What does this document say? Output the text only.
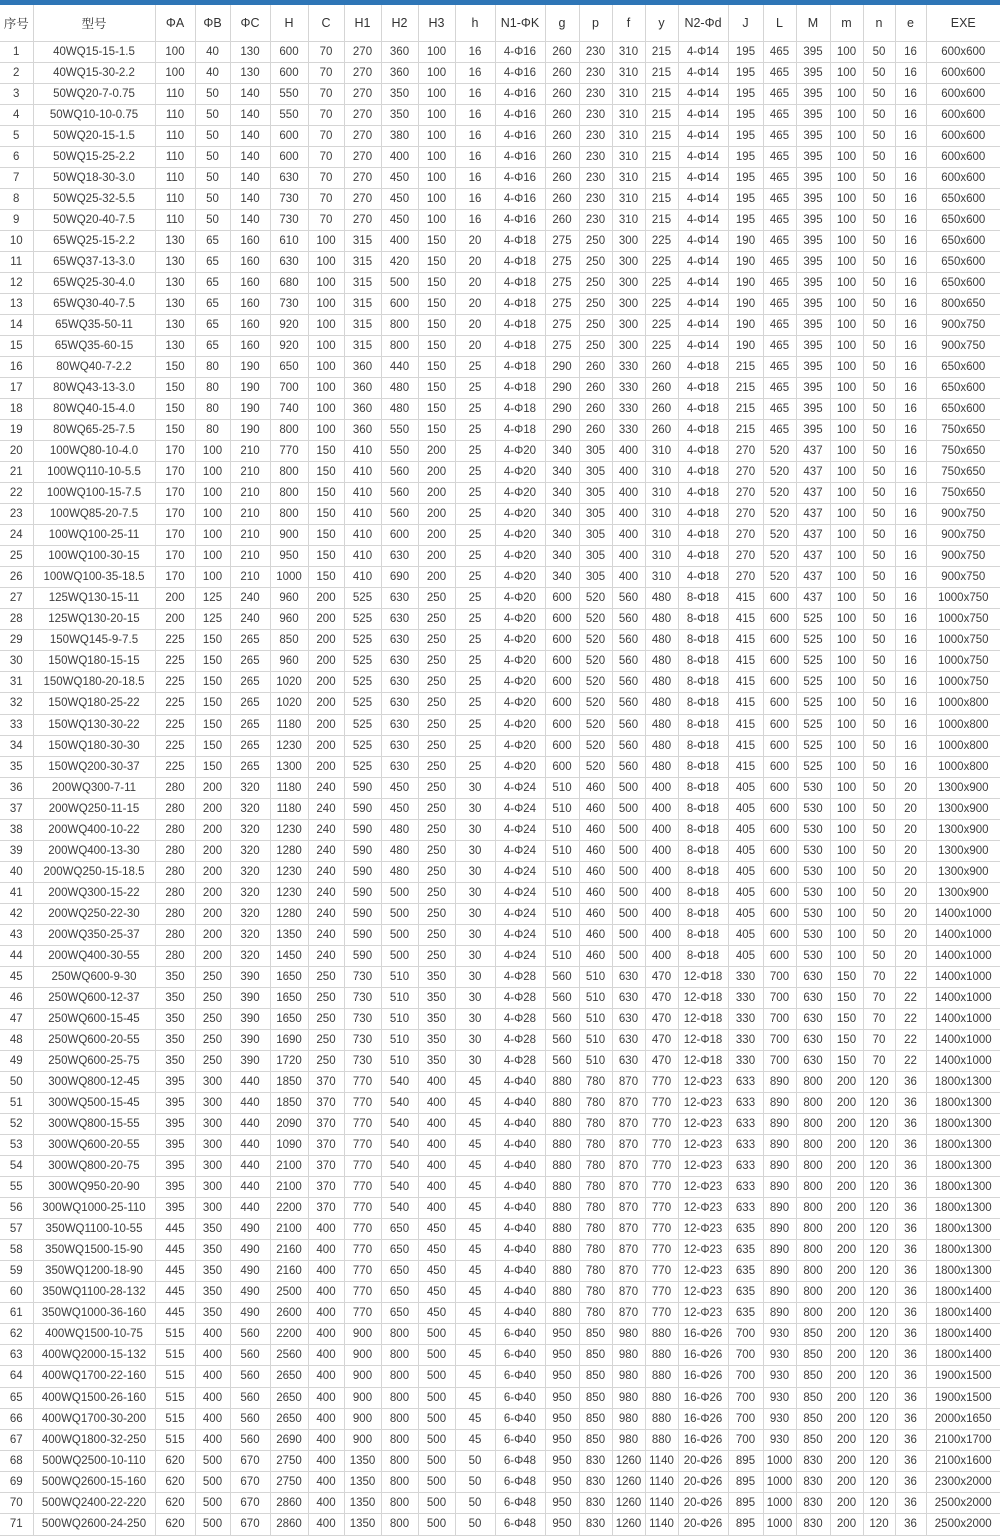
序号	型号	ΦA	ΦB	ΦC	H	C	H1	H2	H3	h	N1-ΦK	g	p	f	y	N2-Φd	J	L	M	m	n	e	EXE
1	40WQ15-15-1.5	100	40	130	600	70	270	360	100	16	4-Φ16	260	230	310	215	4-Φ14	195	465	395	100	50	16	600x600
2	40WQ15-30-2.2	100	40	130	600	70	270	360	100	16	4-Φ16	260	230	310	215	4-Φ14	195	465	395	100	50	16	600x600
3	50WQ20-7-0.75	110	50	140	550	70	270	350	100	16	4-Φ16	260	230	310	215	4-Φ14	195	465	395	100	50	16	600x600
4	50WQ10-10-0.75	110	50	140	550	70	270	350	100	16	4-Φ16	260	230	310	215	4-Φ14	195	465	395	100	50	16	600x600
5	50WQ20-15-1.5	110	50	140	600	70	270	380	100	16	4-Φ16	260	230	310	215	4-Φ14	195	465	395	100	50	16	600x600
6	50WQ15-25-2.2	110	50	140	600	70	270	400	100	16	4-Φ16	260	230	310	215	4-Φ14	195	465	395	100	50	16	600x600
7	50WQ18-30-3.0	110	50	140	630	70	270	450	100	16	4-Φ16	260	230	310	215	4-Φ14	195	465	395	100	50	16	600x600
8	50WQ25-32-5.5	110	50	140	730	70	270	450	100	16	4-Φ16	260	230	310	215	4-Φ14	195	465	395	100	50	16	650x600
9	50WQ20-40-7.5	110	50	140	730	70	270	450	100	16	4-Φ16	260	230	310	215	4-Φ14	195	465	395	100	50	16	650x600
10	65WQ25-15-2.2	130	65	160	610	100	315	400	150	20	4-Φ18	275	250	300	225	4-Φ14	190	465	395	100	50	16	650x600
11	65WQ37-13-3.0	130	65	160	630	100	315	420	150	20	4-Φ18	275	250	300	225	4-Φ14	190	465	395	100	50	16	650x600
12	65WQ25-30-4.0	130	65	160	680	100	315	500	150	20	4-Φ18	275	250	300	225	4-Φ14	190	465	395	100	50	16	650x600
13	65WQ30-40-7.5	130	65	160	730	100	315	600	150	20	4-Φ18	275	250	300	225	4-Φ14	190	465	395	100	50	16	800x650
14	65WQ35-50-11	130	65	160	920	100	315	800	150	20	4-Φ18	275	250	300	225	4-Φ14	190	465	395	100	50	16	900x750
15	65WQ35-60-15	130	65	160	920	100	315	800	150	20	4-Φ18	275	250	300	225	4-Φ14	190	465	395	100	50	16	900x750
16	80WQ40-7-2.2	150	80	190	650	100	360	440	150	25	4-Φ18	290	260	330	260	4-Φ18	215	465	395	100	50	16	650x600
17	80WQ43-13-3.0	150	80	190	700	100	360	480	150	25	4-Φ18	290	260	330	260	4-Φ18	215	465	395	100	50	16	650x600
18	80WQ40-15-4.0	150	80	190	740	100	360	480	150	25	4-Φ18	290	260	330	260	4-Φ18	215	465	395	100	50	16	650x600
19	80WQ65-25-7.5	150	80	190	800	100	360	550	150	25	4-Φ18	290	260	330	260	4-Φ18	215	465	395	100	50	16	750x650
20	100WQ80-10-4.0	170	100	210	770	150	410	550	200	25	4-Φ20	340	305	400	310	4-Φ18	270	520	437	100	50	16	750x650
21	100WQ110-10-5.5	170	100	210	800	150	410	560	200	25	4-Φ20	340	305	400	310	4-Φ18	270	520	437	100	50	16	750x650
22	100WQ100-15-7.5	170	100	210	800	150	410	560	200	25	4-Φ20	340	305	400	310	4-Φ18	270	520	437	100	50	16	750x650
23	100WQ85-20-7.5	170	100	210	800	150	410	560	200	25	4-Φ20	340	305	400	310	4-Φ18	270	520	437	100	50	16	900x750
24	100WQ100-25-11	170	100	210	900	150	410	600	200	25	4-Φ20	340	305	400	310	4-Φ18	270	520	437	100	50	16	900x750
25	100WQ100-30-15	170	100	210	950	150	410	630	200	25	4-Φ20	340	305	400	310	4-Φ18	270	520	437	100	50	16	900x750
26	100WQ100-35-18.5	170	100	210	1000	150	410	690	200	25	4-Φ20	340	305	400	310	4-Φ18	270	520	437	100	50	16	900x750
27	125WQ130-15-11	200	125	240	960	200	525	630	250	25	4-Φ20	600	520	560	480	8-Φ18	415	600	437	100	50	16	1000x750
28	125WQ130-20-15	200	125	240	960	200	525	630	250	25	4-Φ20	600	520	560	480	8-Φ18	415	600	525	100	50	16	1000x750
29	150WQ145-9-7.5	225	150	265	850	200	525	630	250	25	4-Φ20	600	520	560	480	8-Φ18	415	600	525	100	50	16	1000x750
30	150WQ180-15-15	225	150	265	960	200	525	630	250	25	4-Φ20	600	520	560	480	8-Φ18	415	600	525	100	50	16	1000x750
31	150WQ180-20-18.5	225	150	265	1020	200	525	630	250	25	4-Φ20	600	520	560	480	8-Φ18	415	600	525	100	50	16	1000x750
32	150WQ180-25-22	225	150	265	1020	200	525	630	250	25	4-Φ20	600	520	560	480	8-Φ18	415	600	525	100	50	16	1000x800
33	150WQ130-30-22	225	150	265	1180	200	525	630	250	25	4-Φ20	600	520	560	480	8-Φ18	415	600	525	100	50	16	1000x800
34	150WQ180-30-30	225	150	265	1230	200	525	630	250	25	4-Φ20	600	520	560	480	8-Φ18	415	600	525	100	50	16	1000x800
35	150WQ200-30-37	225	150	265	1300	200	525	630	250	25	4-Φ20	600	520	560	480	8-Φ18	415	600	525	100	50	16	1000x800
36	200WQ300-7-11	280	200	320	1180	240	590	450	250	30	4-Φ24	510	460	500	400	8-Φ18	405	600	530	100	50	20	1300x900
37	200WQ250-11-15	280	200	320	1180	240	590	450	250	30	4-Φ24	510	460	500	400	8-Φ18	405	600	530	100	50	20	1300x900
38	200WQ400-10-22	280	200	320	1230	240	590	480	250	30	4-Φ24	510	460	500	400	8-Φ18	405	600	530	100	50	20	1300x900
39	200WQ400-13-30	280	200	320	1280	240	590	480	250	30	4-Φ24	510	460	500	400	8-Φ18	405	600	530	100	50	20	1300x900
40	200WQ250-15-18.5	280	200	320	1230	240	590	480	250	30	4-Φ24	510	460	500	400	8-Φ18	405	600	530	100	50	20	1300x900
41	200WQ300-15-22	280	200	320	1230	240	590	500	250	30	4-Φ24	510	460	500	400	8-Φ18	405	600	530	100	50	20	1300x900
42	200WQ250-22-30	280	200	320	1280	240	590	500	250	30	4-Φ24	510	460	500	400	8-Φ18	405	600	530	100	50	20	1400x1000
43	200WQ350-25-37	280	200	320	1350	240	590	500	250	30	4-Φ24	510	460	500	400	8-Φ18	405	600	530	100	50	20	1400x1000
44	200WQ400-30-55	280	200	320	1450	240	590	500	250	30	4-Φ24	510	460	500	400	8-Φ18	405	600	530	100	50	20	1400x1000
45	250WQ600-9-30	350	250	390	1650	250	730	510	350	30	4-Φ28	560	510	630	470	12-Φ18	330	700	630	150	70	22	1400x1000
46	250WQ600-12-37	350	250	390	1650	250	730	510	350	30	4-Φ28	560	510	630	470	12-Φ18	330	700	630	150	70	22	1400x1000
47	250WQ600-15-45	350	250	390	1650	250	730	510	350	30	4-Φ28	560	510	630	470	12-Φ18	330	700	630	150	70	22	1400x1000
48	250WQ600-20-55	350	250	390	1690	250	730	510	350	30	4-Φ28	560	510	630	470	12-Φ18	330	700	630	150	70	22	1400x1000
49	250WQ600-25-75	350	250	390	1720	250	730	510	350	30	4-Φ28	560	510	630	470	12-Φ18	330	700	630	150	70	22	1400x1000
50	300WQ800-12-45	395	300	440	1850	370	770	540	400	45	4-Φ40	880	780	870	770	12-Φ23	633	890	800	200	120	36	1800x1300
51	300WQ500-15-45	395	300	440	1850	370	770	540	400	45	4-Φ40	880	780	870	770	12-Φ23	633	890	800	200	120	36	1800x1300
52	300WQ800-15-55	395	300	440	2090	370	770	540	400	45	4-Φ40	880	780	870	770	12-Φ23	633	890	800	200	120	36	1800x1300
53	300WQ600-20-55	395	300	440	1090	370	770	540	400	45	4-Φ40	880	780	870	770	12-Φ23	633	890	800	200	120	36	1800x1300
54	300WQ800-20-75	395	300	440	2100	370	770	540	400	45	4-Φ40	880	780	870	770	12-Φ23	633	890	800	200	120	36	1800x1300
55	300WQ950-20-90	395	300	440	2100	370	770	540	400	45	4-Φ40	880	780	870	770	12-Φ23	633	890	800	200	120	36	1800x1300
56	300WQ1000-25-110	395	300	440	2200	370	770	540	400	45	4-Φ40	880	780	870	770	12-Φ23	633	890	800	200	120	36	1800x1300
57	350WQ1100-10-55	445	350	490	2100	400	770	650	450	45	4-Φ40	880	780	870	770	12-Φ23	635	890	800	200	120	36	1800x1300
58	350WQ1500-15-90	445	350	490	2160	400	770	650	450	45	4-Φ40	880	780	870	770	12-Φ23	635	890	800	200	120	36	1800x1300
59	350WQ1200-18-90	445	350	490	2160	400	770	650	450	45	4-Φ40	880	780	870	770	12-Φ23	635	890	800	200	120	36	1800x1300
60	350WQ1100-28-132	445	350	490	2500	400	770	650	450	45	4-Φ40	880	780	870	770	12-Φ23	635	890	800	200	120	36	1800x1400
61	350WQ1000-36-160	445	350	490	2600	400	770	650	450	45	4-Φ40	880	780	870	770	12-Φ23	635	890	800	200	120	36	1800x1400
62	400WQ1500-10-75	515	400	560	2200	400	900	800	500	45	6-Φ40	950	850	980	880	16-Φ26	700	930	850	200	120	36	1800x1400
63	400WQ2000-15-132	515	400	560	2560	400	900	800	500	45	6-Φ40	950	850	980	880	16-Φ26	700	930	850	200	120	36	1800x1400
64	400WQ1700-22-160	515	400	560	2650	400	900	800	500	45	6-Φ40	950	850	980	880	16-Φ26	700	930	850	200	120	36	1900x1500
65	400WQ1500-26-160	515	400	560	2650	400	900	800	500	45	6-Φ40	950	850	980	880	16-Φ26	700	930	850	200	120	36	1900x1500
66	400WQ1700-30-200	515	400	560	2650	400	900	800	500	45	6-Φ40	950	850	980	880	16-Φ26	700	930	850	200	120	36	2000x1650
67	400WQ1800-32-250	515	400	560	2690	400	900	800	500	45	6-Φ40	950	850	980	880	16-Φ26	700	930	850	200	120	36	2100x1700
68	500WQ2500-10-110	620	500	670	2750	400	1350	800	500	50	6-Φ48	950	830	1260	1140	20-Φ26	895	1000	830	200	120	36	2100x1600
69	500WQ2600-15-160	620	500	670	2750	400	1350	800	500	50	6-Φ48	950	830	1260	1140	20-Φ26	895	1000	830	200	120	36	2300x2000
70	500WQ2400-22-220	620	500	670	2860	400	1350	800	500	50	6-Φ48	950	830	1260	1140	20-Φ26	895	1000	830	200	120	36	2500x2000
71	500WQ2600-24-250	620	500	670	2860	400	1350	800	500	50	6-Φ48	950	830	1260	1140	20-Φ26	895	1000	830	200	120	36	2500x2000
